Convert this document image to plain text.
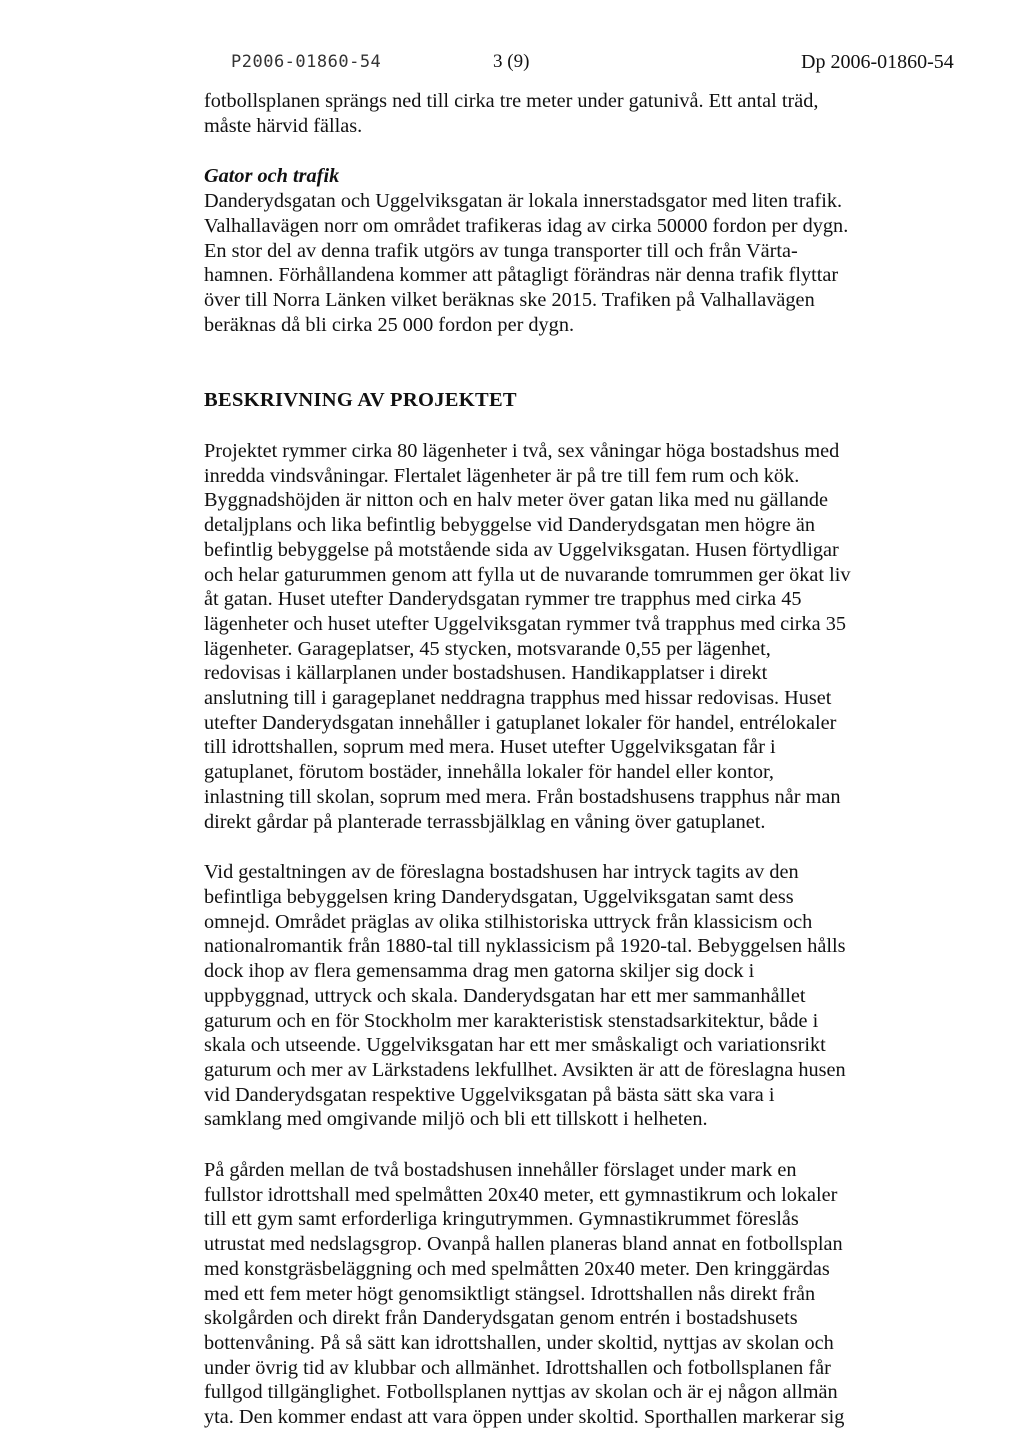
P2006-01860-54	3 (9)	Dp 2006-01860-54

fotbollsplanen sprängs ned till cirka tre meter under gatunivå. Ett antal träd,
måste härvid fällas.

Gator och trafik
Danderydsgatan och Uggelviksgatan är lokala innerstadsgator med liten trafik.
Valhallavägen norr om området trafikeras idag av cirka 50000 fordon per dygn.
En stor del av denna trafik utgörs av tunga transporter till och från Värta-
hamnen. Förhållandena kommer att påtagligt förändras när denna trafik flyttar
över till Norra Länken vilket beräknas ske 2015. Trafiken på Valhallavägen
beräknas då bli cirka 25 000 fordon per dygn.

BESKRIVNING AV PROJEKTET

Projektet rymmer cirka 80 lägenheter i två, sex våningar höga bostadshus med
inredda vindsvåningar. Flertalet lägenheter är på tre till fem rum och kök.
Byggnadshöjden är nitton och en halv meter över gatan lika med nu gällande
detaljplans och lika befintlig bebyggelse vid Danderydsgatan men högre än
befintlig bebyggelse på motstående sida av Uggelviksgatan. Husen förtydligar
och helar gaturummen genom att fylla ut de nuvarande tomrummen ger ökat liv
åt gatan. Huset utefter Danderydsgatan rymmer tre trapphus med cirka 45
lägenheter och huset utefter Uggelviksgatan rymmer två trapphus med cirka 35
lägenheter. Garageplatser, 45 stycken, motsvarande 0,55 per lägenhet,
redovisas i källarplanen under bostadshusen. Handikapplatser i direkt
anslutning till i garageplanet neddragna trapphus med hissar redovisas. Huset
utefter Danderydsgatan innehåller i gatuplanet lokaler för handel, entrélokaler
till idrottshallen, soprum med mera. Huset utefter Uggelviksgatan får i
gatuplanet, förutom bostäder, innehålla lokaler för handel eller kontor,
inlastning till skolan, soprum med mera. Från bostadshusens trapphus når man
direkt gårdar på planterade terrassbjälklag en våning över gatuplanet.

Vid gestaltningen av de föreslagna bostadshusen har intryck tagits av den
befintliga bebyggelsen kring Danderydsgatan, Uggelviksgatan samt dess
omnejd. Området präglas av olika stilhistoriska uttryck från klassicism och
nationalromantik från 1880-tal till nyklassicism på 1920-tal. Bebyggelsen hålls
dock ihop av flera gemensamma drag men gatorna skiljer sig dock i
uppbyggnad, uttryck och skala. Danderydsgatan har ett mer sammanhållet
gaturum och en för Stockholm mer karakteristisk stenstadsarkitektur, både i
skala och utseende. Uggelviksgatan har ett mer småskaligt och variationsrikt
gaturum och mer av Lärkstadens lekfullhet. Avsikten är att de föreslagna husen
vid Danderydsgatan respektive Uggelviksgatan på bästa sätt ska vara i
samklang med omgivande miljö och bli ett tillskott i helheten.

På gården mellan de två bostadshusen innehåller förslaget under mark en
fullstor idrottshall med spelmåtten 20x40 meter, ett gymnastikrum och lokaler
till ett gym samt erforderliga kringutrymmen. Gymnastikrummet föreslås
utrustat med nedslagsgrop. Ovanpå hallen planeras bland annat en fotbollsplan
med konstgräsbeläggning och med spelmåtten 20x40 meter. Den kringgärdas
med ett fem meter högt genomsiktligt stängsel. Idrottshallen nås direkt från
skolgården och direkt från Danderydsgatan genom entrén i bostadshusets
bottenvåning. På så sätt kan idrottshallen, under skoltid, nyttjas av skolan och
under övrig tid av klubbar och allmänhet. Idrottshallen och fotbollsplanen får
fullgod tillgänglighet. Fotbollsplanen nyttjas av skolan och är ej någon allmän
yta. Den kommer endast att vara öppen under skoltid. Sporthallen markerar sig
